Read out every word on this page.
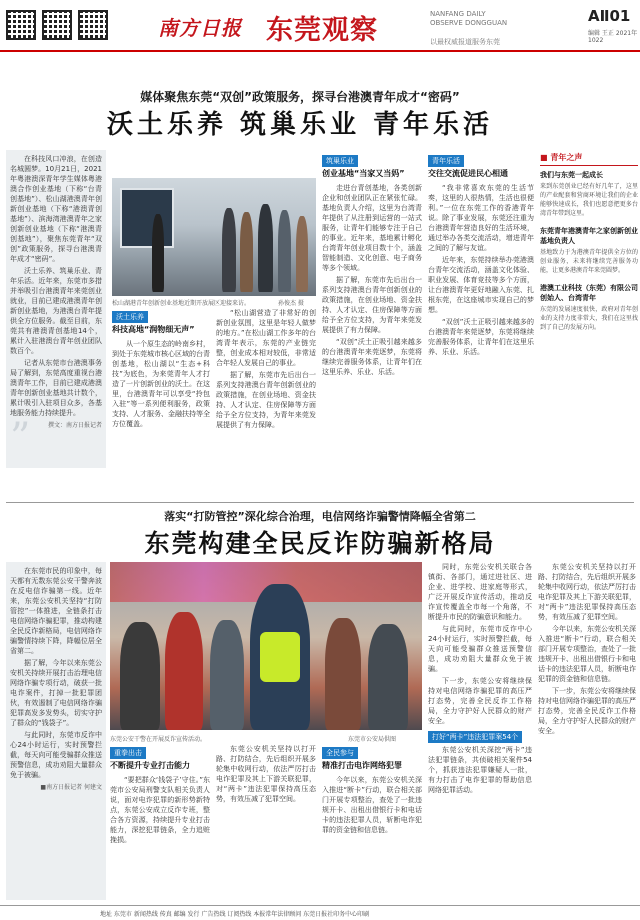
南方日报 东莞观察
NANFANG DAILY
OBSERVE DONGGUAN
以最权威报道服务东莞
AⅡ01
编辑 王正 2021年1022
媒体聚焦东莞“双创”政策服务，探寻台港澳青年成才“密码”
沃土乐养 筑巢乐业 青年乐活

在科技风口冲浪，在创造名城圆梦。10月21日，2021年粤港澳深青年学生媒体粤港澳合作创业基地（下称“台青创基地”）、松山湖港澳青年创新创业基地（下称“港澳青创基地”）、滨海湾港澳青年之家创新创业基地（下称“港澳青创基地”），聚焦东莞青年“双创”政策服务，探寻台港澳青年成才“密码”。

沃土乐养、筑巢乐业、青年乐活。近年来，东莞市多措并举吸引台港澳青年来莞创业就业，目前已建成港澳青年创新创业基地，为港澳台青年提供全方位服务。截至目前，东莞共有港澳青创基地14个，累计入驻港澳台青年创业团队数百个。

记者从东莞市台港澳事务局了解到，东莞高度重视台港澳青年工作，目前已建成港澳青年创新创业基地共计数个，累计吸引入驻项目众多，各基地服务能力持续提升。

撰文：南方日报记者
”
松山湖港青年创新创业基地近期开放展区迎接来访。	孙俊杰 摄
沃土乐养
科技高地“润物细无声”

从一个原生态的岭南乡村，到处于东莞城市核心区域的台青创基地，松山湖以“生态+科技”为底色，为来莞青年人才打造了一片创新创业的沃土。在这里，台港澳青年可以享受“拎包入驻”等一系列便利服务，政策支持、人才服务、金融扶持等全方位覆盖。

“松山湖营造了非常好的创新创业氛围，这里是年轻人做梦的地方。”在松山湖工作多年的台湾青年表示，东莞的产业链完整，创业成本相对较低，非常适合年轻人发展自己的事业。

据了解，东莞市先后出台一系列支持港澳台青年创新创业的政策措施，在创业场地、资金扶持、人才认定、住房保障等方面给予全方位支持，为青年来莞发展提供了有力保障。

筑巢乐业
创业基地“当家又当妈”

走进台青创基地，各类创新企业和创业团队正在紧张忙碌。基地负责人介绍，这里为台湾青年提供了从注册到运营的一站式服务，让青年们能够专注于自己的事业。近年来，基地累计孵化台湾青年创业项目数十个，涵盖智能制造、文化创意、电子商务等多个领域。

据了解，东莞市先后出台一系列支持港澳台青年创新创业的政策措施，在创业场地、资金扶持、人才认定、住房保障等方面给予全方位支持，为青年来莞发展提供了有力保障。

“双创”沃土正吸引越来越多的台港澳青年来莞逐梦，东莞将继续完善服务体系，让青年们在这里乐养、乐业、乐活。

青年乐活
交往交流促进民心相通

“我非常喜欢东莞的生活节奏，这里的人很热情，生活也很便利。”一位在东莞工作的香港青年说。除了事业发展，东莞还注重为台港澳青年营造良好的生活环境，通过举办各类交流活动，增进青年之间的了解与友谊。

近年来，东莞持续举办莞港澳台青年交流活动，涵盖文化体验、职业发展、体育竞技等多个方面，让台港澳青年更好地融入东莞、扎根东莞，在这座城市实现自己的梦想。

“双创”沃土正吸引越来越多的台港澳青年来莞逐梦，东莞将继续完善服务体系，让青年们在这里乐养、乐业、乐活。

■ 青年之声
我们与东莞一起成长
来到东莞创业已经有好几年了，这里的产业配套和营商环境让我们的企业能够快速成长，我们也愿意把更多台湾青年带到这里。
东莞青年港澳青年之家创新创业基地负责人
基地致力于为港澳青年提供全方位的创业服务，未来将继续完善服务功能，让更多港澳青年来莞圆梦。
港澳工业科技（东莞）有限公司创始人、台湾青年
东莞的发展速度很快，政府对青年创业的支持力度非常大，我们在这里找到了自己的发展方向。
落实“打防管控”深化综合治理，电信网络诈骗警情降幅全省第二
东莞构建全民反诈防骗新格局

在东莞市民的印象中，每天都有无数东莞公安干警奔波在反电信诈骗第一线。近年来，东莞公安机关坚持“打防管控”一体推进，全链条打击电信网络诈骗犯罪，推动构建全民反诈新格局，电信网络诈骗警情持续下降，降幅位居全省第二。

据了解，今年以来东莞公安机关持续开展打击治理电信网络诈骗专项行动，破获一批电诈案件，打掉一批犯罪团伙，有效遏制了电信网络诈骗犯罪高发多发势头，切实守护了群众的“钱袋子”。

与此同时，东莞市反诈中心24小时运行，实时预警拦截，每天向可能受骗群众推送预警信息，成功劝阻大量群众免于被骗。

■南方日报记者 何建文
东莞公安干警在开展反诈宣传活动。	东莞市公安局供图
重拳出击
不断提升专业打击能力

“要把群众‘钱袋子’守住。”东莞市公安局刑警支队相关负责人说，面对电诈犯罪的新形势新特点，东莞公安成立反诈专班，整合各方资源，持续提升专业打击能力，深挖犯罪链条，全力追赃挽损。

东莞公安机关坚持以打开路、打防结合，先后组织开展多轮集中收网行动，依法严厉打击电诈犯罪及其上下游关联犯罪，对“两卡”违法犯罪保持高压态势，有效压减了犯罪空间。

全民参与
精准打击电诈网络犯罪

今年以来，东莞公安机关深入推进“断卡”行动，联合相关部门开展专项整治，查处了一批违规开卡、出租出借银行卡和电话卡的违法犯罪人员，斩断电诈犯罪的资金链和信息链。

同时，东莞公安机关联合各镇街、各部门，通过进社区、进企业、进学校、进家庭等形式，广泛开展反诈宣传活动，推动反诈宣传覆盖全市每一个角落，不断提升市民的防骗意识和能力。

与此同时，东莞市反诈中心24小时运行，实时预警拦截，每天向可能受骗群众推送预警信息，成功劝阻大量群众免于被骗。

下一步，东莞公安将继续保持对电信网络诈骗犯罪的高压严打态势，完善全民反诈工作格局，全力守护好人民群众的财产安全。

打好“两卡”违法犯罪案54个

东莞公安机关深挖“两卡”违法犯罪链条，共侦破相关案件54个，抓获违法犯罪嫌疑人一批，有力打击了电诈犯罪的帮助信息网络犯罪活动。

东莞公安机关坚持以打开路、打防结合，先后组织开展多轮集中收网行动，依法严厉打击电诈犯罪及其上下游关联犯罪，对“两卡”违法犯罪保持高压态势，有效压减了犯罪空间。

今年以来，东莞公安机关深入推进“断卡”行动，联合相关部门开展专项整治，查处了一批违规开卡、出租出借银行卡和电话卡的违法犯罪人员，斩断电诈犯罪的资金链和信息链。

下一步，东莞公安将继续保持对电信网络诈骗犯罪的高压严打态势，完善全民反诈工作格局，全力守护好人民群众的财产安全。

地址 东莞市 新闻热线 传真 邮编 发行 广告热线 订阅热线 本报常年法律顾问 东莞日报社印务中心印刷
